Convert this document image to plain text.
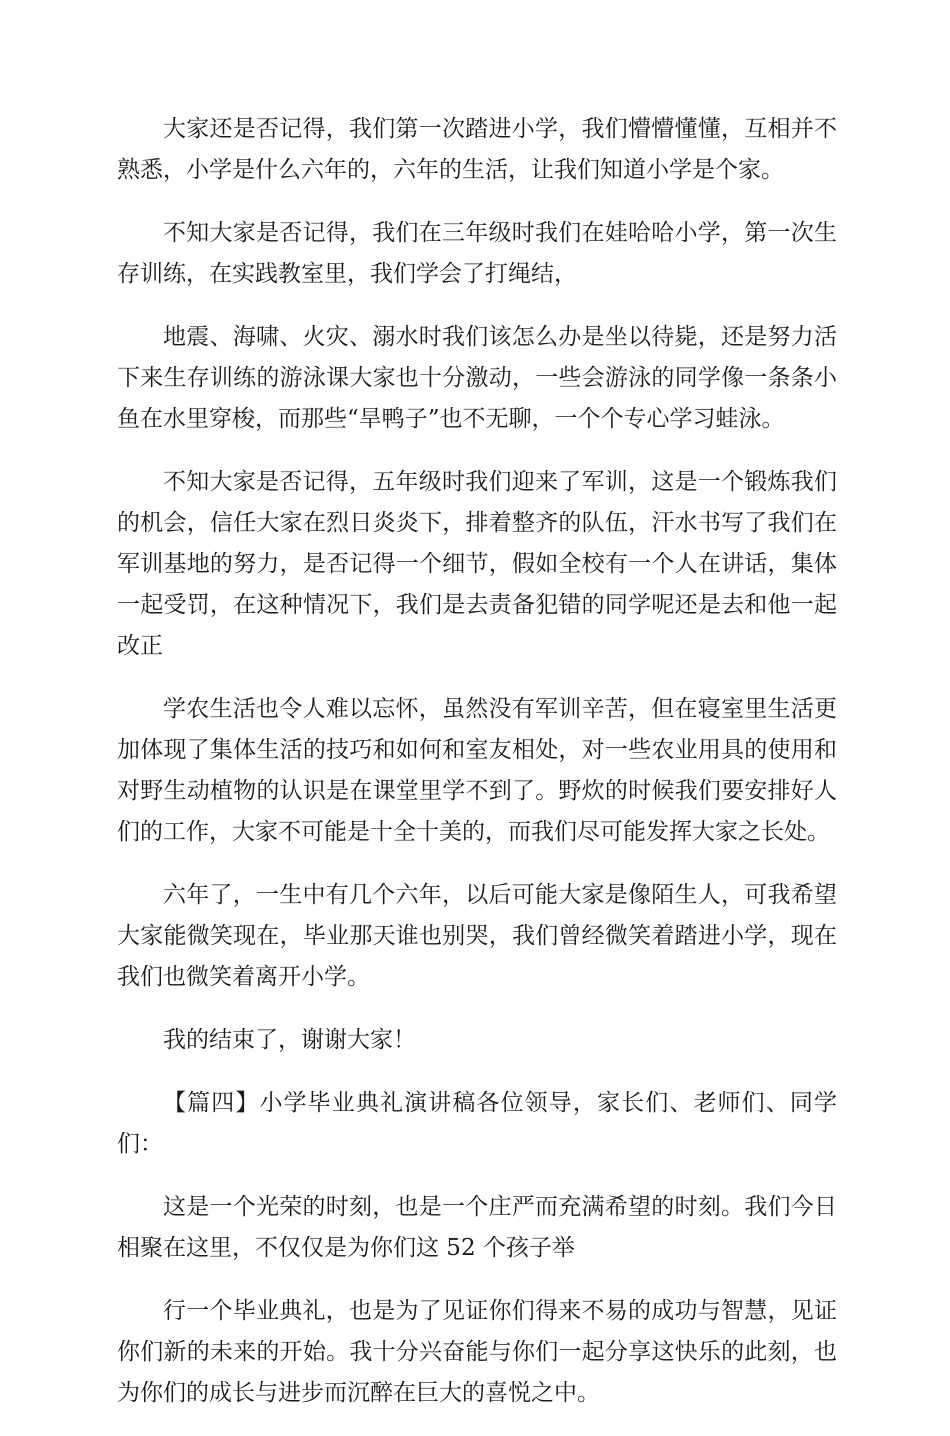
大家还是否记得，我们第一次踏进小学，我们懵懵懂懂，互相并不熟悉，小学是什么六年的，六年的生活，让我们知道小学是个家。

不知大家是否记得，我们在三年级时我们在娃哈哈小学，第一次生存训练，在实践教室里，我们学会了打绳结，

地震、海啸、火灾、溺水时我们该怎么办是坐以待毙，还是努力活下来生存训练的游泳课大家也十分激动，一些会游泳的同学像一条条小鱼在水里穿梭，而那些“旱鸭子”也不无聊，一个个专心学习蛙泳。

不知大家是否记得，五年级时我们迎来了军训，这是一个锻炼我们的机会，信任大家在烈日炎炎下，排着整齐的队伍，汗水书写了我们在军训基地的努力，是否记得一个细节，假如全校有一个人在讲话，集体一起受罚，在这种情况下，我们是去责备犯错的同学呢还是去和他一起改正

学农生活也令人难以忘怀，虽然没有军训辛苦，但在寝室里生活更加体现了集体生活的技巧和如何和室友相处，对一些农业用具的使用和对野生动植物的认识是在课堂里学不到了。野炊的时候我们要安排好人们的工作，大家不可能是十全十美的，而我们尽可能发挥大家之长处。

六年了，一生中有几个六年，以后可能大家是像陌生人，可我希望大家能微笑现在，毕业那天谁也别哭，我们曾经微笑着踏进小学，现在我们也微笑着离开小学。

我的结束了，谢谢大家！

【篇四】小学毕业典礼演讲稿各位领导，家长们、老师们、同学们：

这是一个光荣的时刻，也是一个庄严而充满希望的时刻。我们今日相聚在这里，不仅仅是为你们这 52 个孩子举

行一个毕业典礼，也是为了见证你们得来不易的成功与智慧，见证你们新的未来的开始。我十分兴奋能与你们一起分享这快乐的此刻，也为你们的成长与进步而沉醉在巨大的喜悦之中。
